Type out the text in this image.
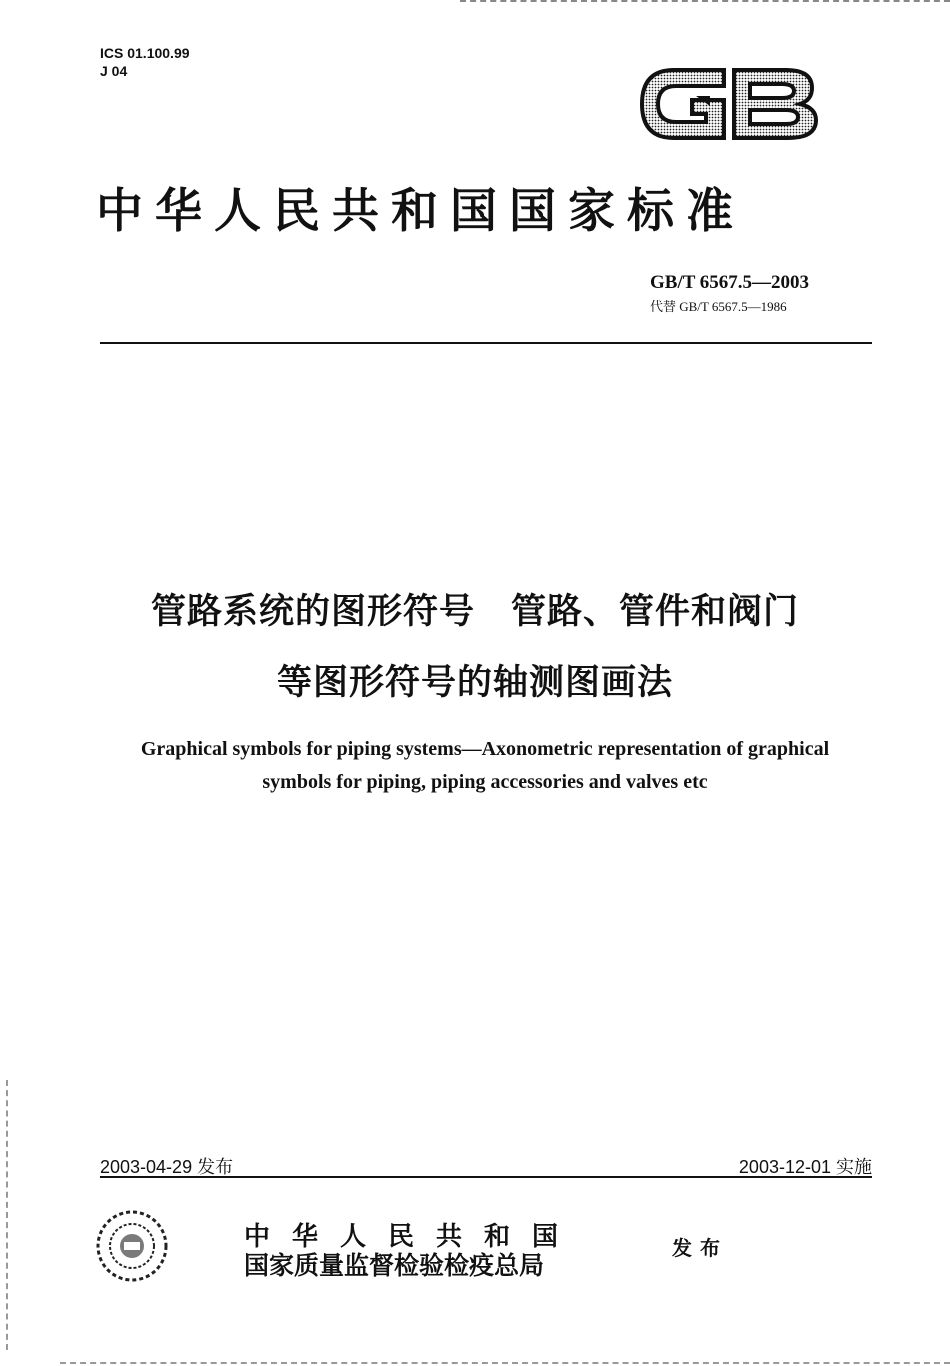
ICS 01.100.99
J 04
中华人民共和国国家标准
GB/T 6567.5—2003
代替 GB/T 6567.5—1986
管路系统的图形符号　管路、管件和阀门
等图形符号的轴测图画法
Graphical symbols for piping systems—Axonometric representation of graphical
symbols for piping, piping accessories and valves etc
2003-04-29 发布	2003-12-01 实施
中华人民共和国
国家质量监督检验检疫总局
发布
